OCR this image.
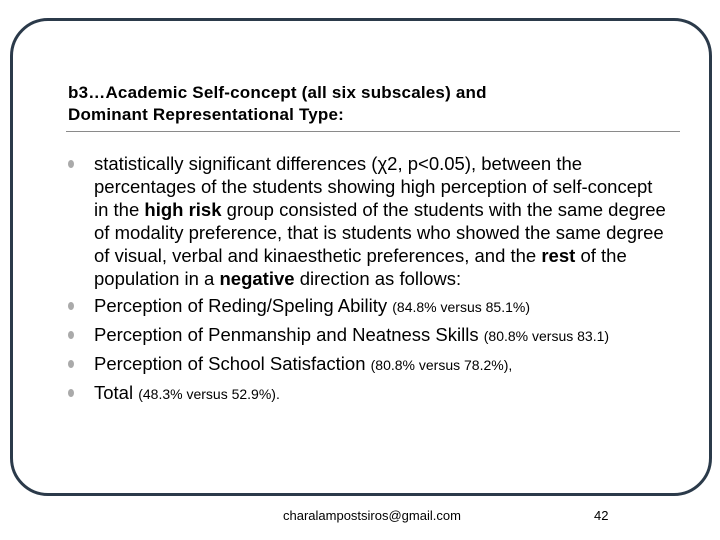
b3…Academic Self-concept (all six subscales) and
Dominant Representational Type:
statistically significant differences (χ2, p<0.05), between the percentages of the students showing high perception of self-concept in the high risk group consisted of the students with the same degree of modality preference, that is students who showed the same degree of visual, verbal and kinaesthetic preferences, and the rest of the population in a negative direction as follows:
Perception of Reding/Speling Ability (84.8% versus 85.1%)
Perception of Penmanship and Neatness Skills (80.8% versus 83.1)
Perception of School Satisfaction (80.8% versus 78.2%),
Total (48.3% versus 52.9%).
charalampostsiros@gmail.com	42
